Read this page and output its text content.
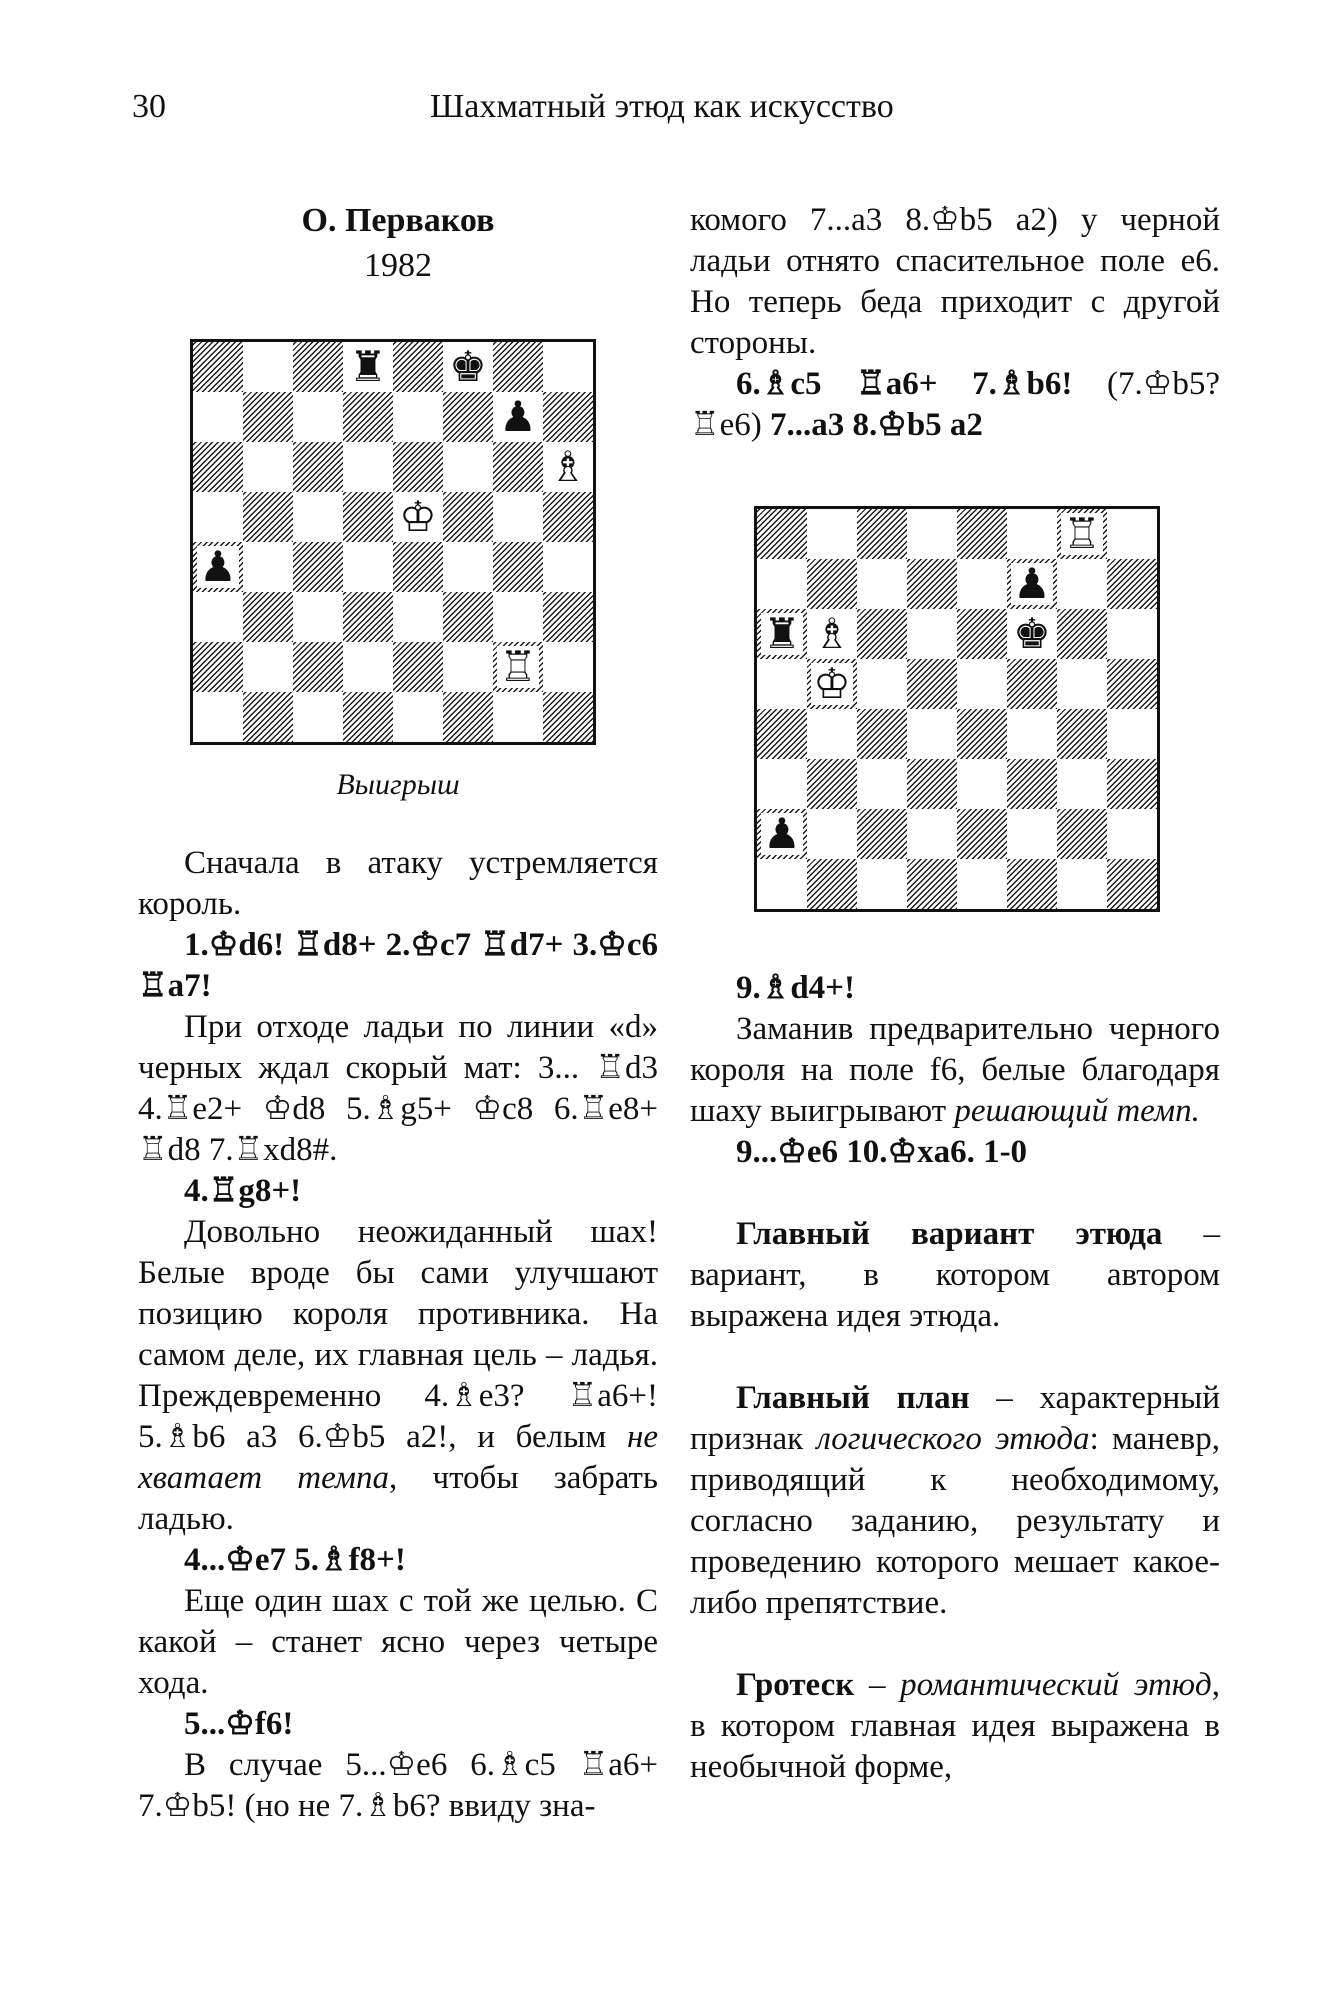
30	Шахматный этюд как искусство
О. Перваков
1982
♜ ♚
♟
♗
♔
♟
♖
Выигрыш

Сначала в атаку устремляется король.

1.♔d6! ♖d8+ 2.♔c7 ♖d7+ 3.♔c6 ♖a7!

При отходе ладьи по линии «d» черных ждал скорый мат: 3... ♖d3 4.♖e2+ ♔d8 5.♗g5+ ♔c8 6.♖e8+ ♖d8 7.♖xd8#.

4.♖g8+!

Довольно неожиданный шах! Белые вроде бы сами улучшают позицию короля противника. На самом деле, их главная цель – ладья. Преждевременно 4.♗e3? ♖a6+! 5.♗b6 a3 6.♔b5 a2!, и белым не хватает темпа, чтобы забрать ладью.

4...♔e7 5.♗f8+!

Еще один шах с той же целью. С какой – станет ясно через четыре хода.

5...♔f6!

В случае 5...♔e6 6.♗c5 ♖a6+ 7.♔b5! (но не 7.♗b6? ввиду зна-

комого 7...a3 8.♔b5 a2) у черной ладьи отнято спасительное поле e6. Но теперь беда приходит с другой стороны.

6.♗c5 ♖a6+ 7.♗b6! (7.♔b5? ♖e6) 7...a3 8.♔b5 a2

♖
♟
♜ ♗	♚
♔
♟

9.♗d4+!

Заманив предварительно черного короля на поле f6, белые благодаря шаху выигрывают решающий темп.

9...♔e6 10.♔xa6. 1-0

Главный вариант этюда – вариант, в котором автором выражена идея этюда.

Главный план – характерный признак логического этюда: маневр, приводящий к необходимому, согласно заданию, результату и проведению которого мешает какое-либо препятствие.

Гротеск – романтический этюд, в котором главная идея выражена в необычной форме,
